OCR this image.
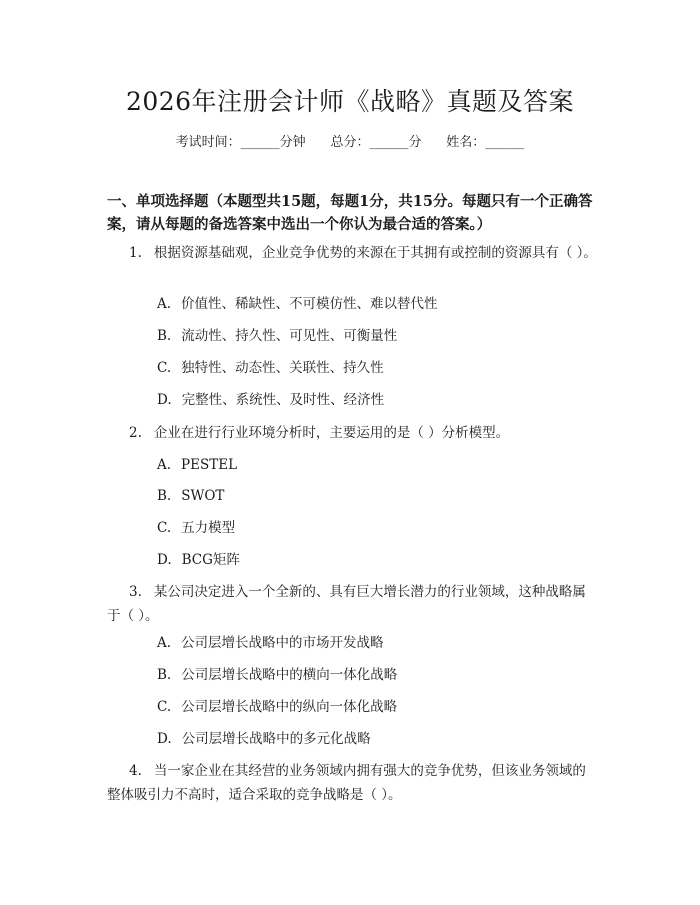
2026年注册会计师《战略》真题及答案
考试时间：______分钟 总分：______分 姓名：______
一、单项选择题（本题型共15题，每题1分，共15分。每题只有一个正确答案，请从每题的备选答案中选出一个你认为最合适的答案。）
1. 根据资源基础观，企业竞争优势的来源在于其拥有或控制的资源具有（ ）。
A. 价值性、稀缺性、不可模仿性、难以替代性
B. 流动性、持久性、可见性、可衡量性
C. 独特性、动态性、关联性、持久性
D. 完整性、系统性、及时性、经济性
2. 企业在进行行业环境分析时，主要运用的是（ ）分析模型。
A. PESTEL
B. SWOT
C. 五力模型
D. BCG矩阵
3. 某公司决定进入一个全新的、具有巨大增长潜力的行业领域，这种战略属于（ ）。
A. 公司层增长战略中的市场开发战略
B. 公司层增长战略中的横向一体化战略
C. 公司层增长战略中的纵向一体化战略
D. 公司层增长战略中的多元化战略
4. 当一家企业在其经营的业务领域内拥有强大的竞争优势，但该业务领域的整体吸引力不高时，适合采取的竞争战略是（ ）。
